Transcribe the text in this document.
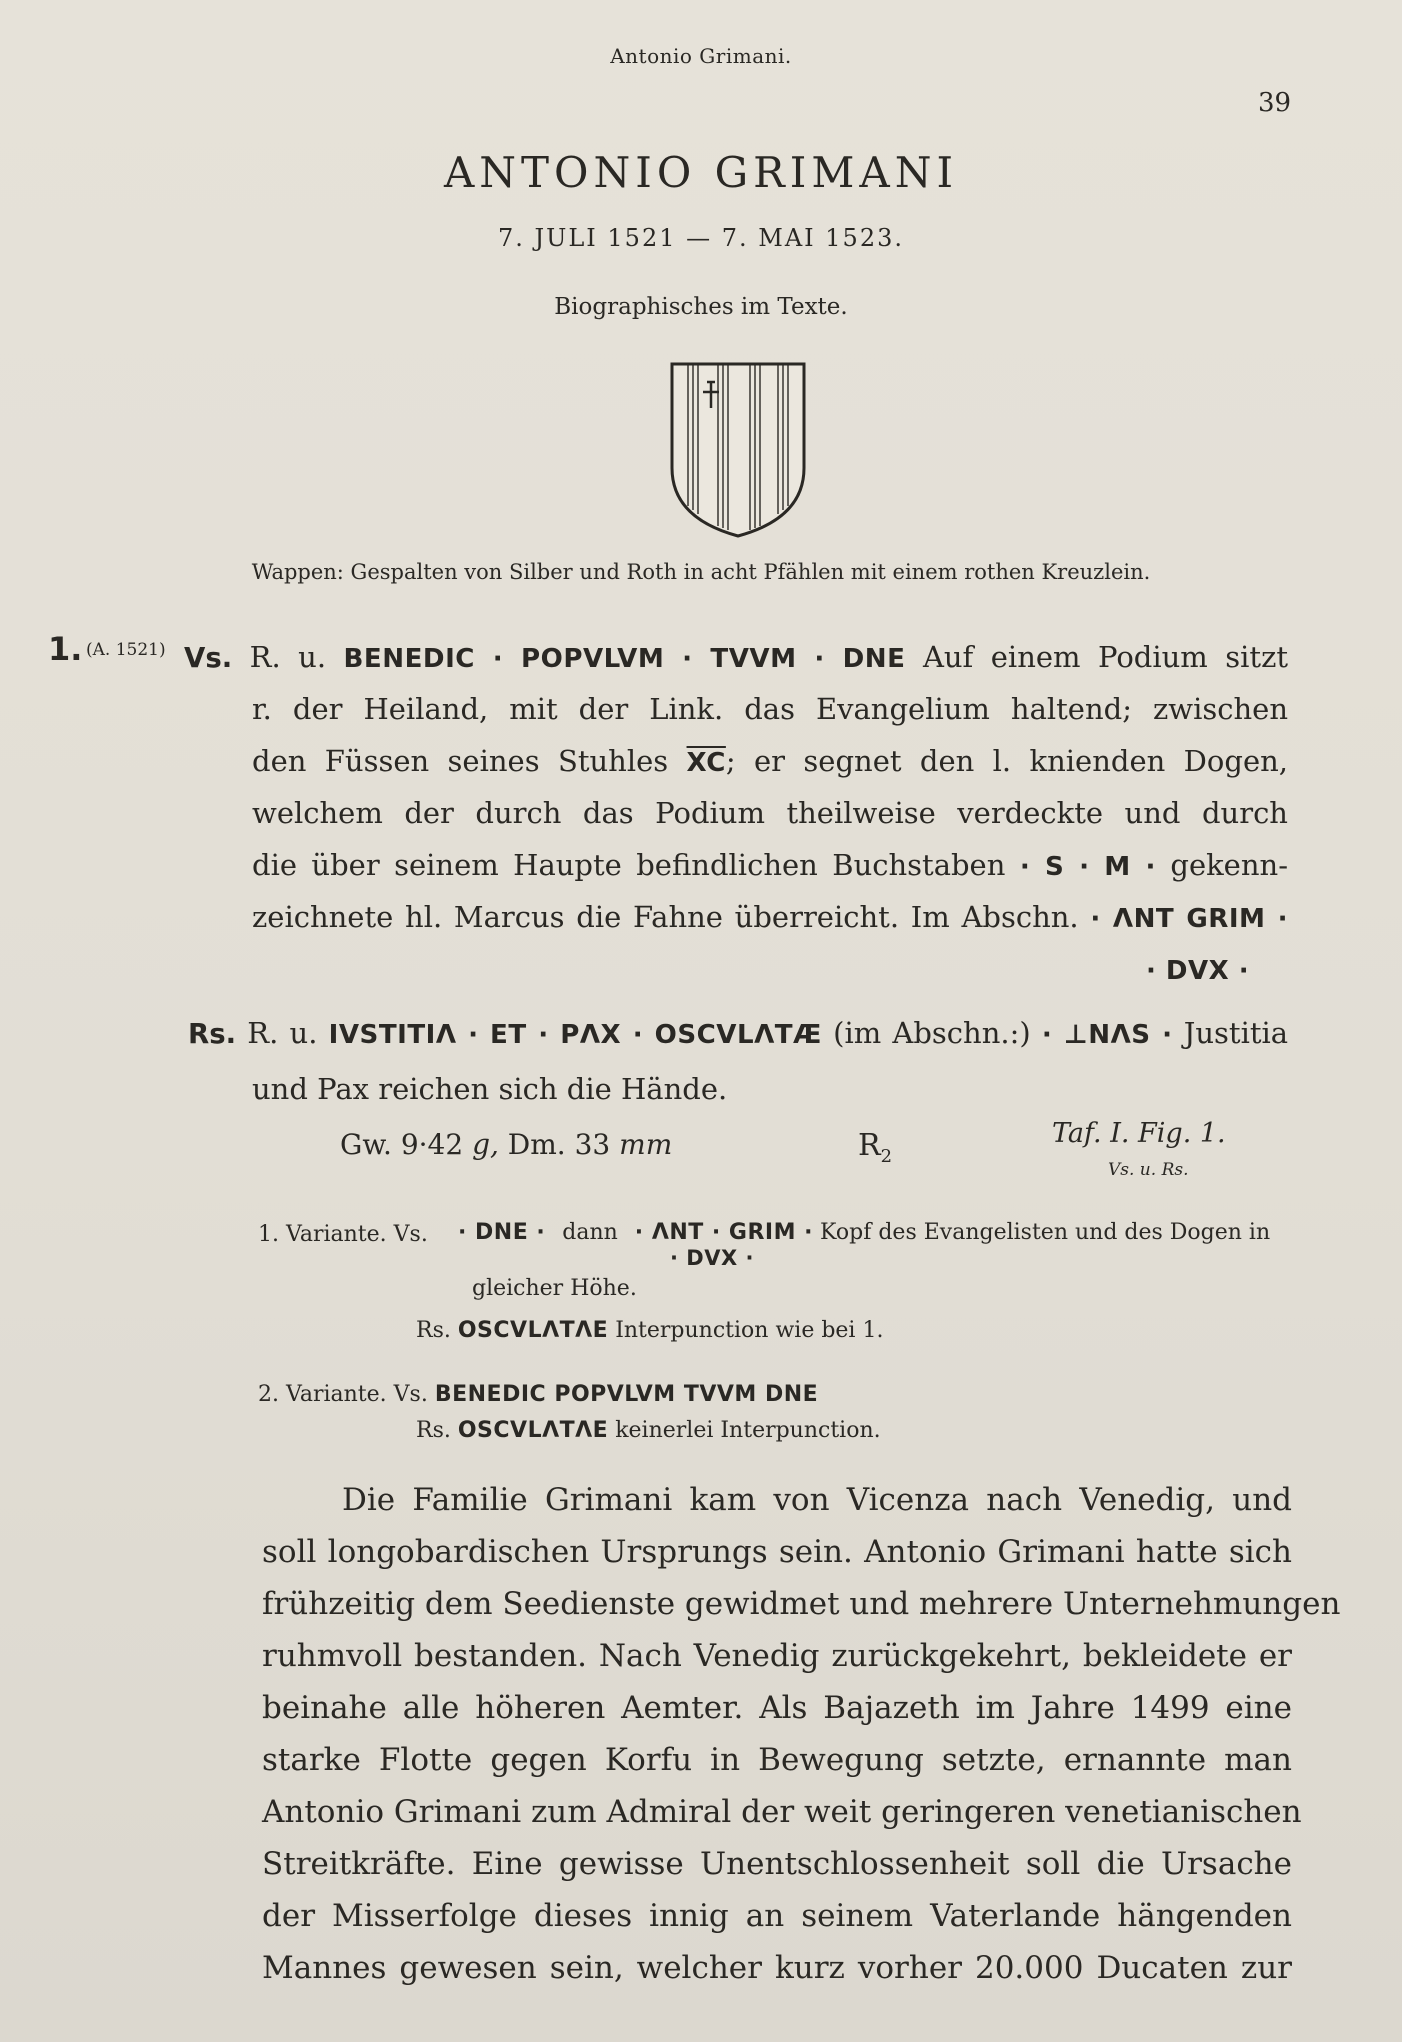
Antonio Grimani.
39
ANTONIO GRIMANI
7. JULI 1521 — 7. MAI 1523.
Biographisches im Texte.
Wappen: Gespalten von Silber und Roth in acht Pfählen mit einem rothen Kreuzlein.
1. (A. 1521) Vs. R. u. BENEDIC · POPVLVM · TVVM · DNE Auf einem Podium sitzt
r. der Heiland, mit der Link. das Evangelium haltend; zwischen
den Füssen seines Stuhles $\overline{XC}$; er segnet den l. knienden Dogen,
welchem der durch das Podium theilweise verdeckte und durch
die über seinem Haupte befindlichen Buchstaben · S · M · gekenn-
zeichnete hl. Marcus die Fahne überreicht. Im Abschn. · ΛNT GRIM ·
· DVX ·
Rs. R. u. IVSTITIΛ · ET · PΛX · OSCVLΛTÆ (im Abschn.:) · ⊥NΛS · Justitia
und Pax reichen sich die Hände.
Gw. 9·42 g, Dm. 33 mm	$R_2$
Taf. I. Fig. 1.
Vs. u. Rs.
1. Variante. Vs. · DNE · dann · ΛNT · GRIM · Kopf des Evangelisten und des Dogen in
· DVX ·
gleicher Höhe.
Rs. OSCVLΛTΛE Interpunction wie bei 1.
2. Variante. Vs. BENEDIC POPVLVM TVVM DNE
Rs. OSCVLΛTΛE keinerlei Interpunction.
Die Familie Grimani kam von Vicenza nach Venedig, und
soll longobardischen Ursprungs sein. Antonio Grimani hatte sich
frühzeitig dem Seedienste gewidmet und mehrere Unternehmungen
ruhmvoll bestanden. Nach Venedig zurückgekehrt, bekleidete er
beinahe alle höheren Aemter. Als Bajazeth im Jahre 1499 eine
starke Flotte gegen Korfu in Bewegung setzte, ernannte man
Antonio Grimani zum Admiral der weit geringeren venetianischen
Streitkräfte. Eine gewisse Unentschlossenheit soll die Ursache
der Misserfolge dieses innig an seinem Vaterlande hängenden
Mannes gewesen sein, welcher kurz vorher 20.000 Ducaten zur
